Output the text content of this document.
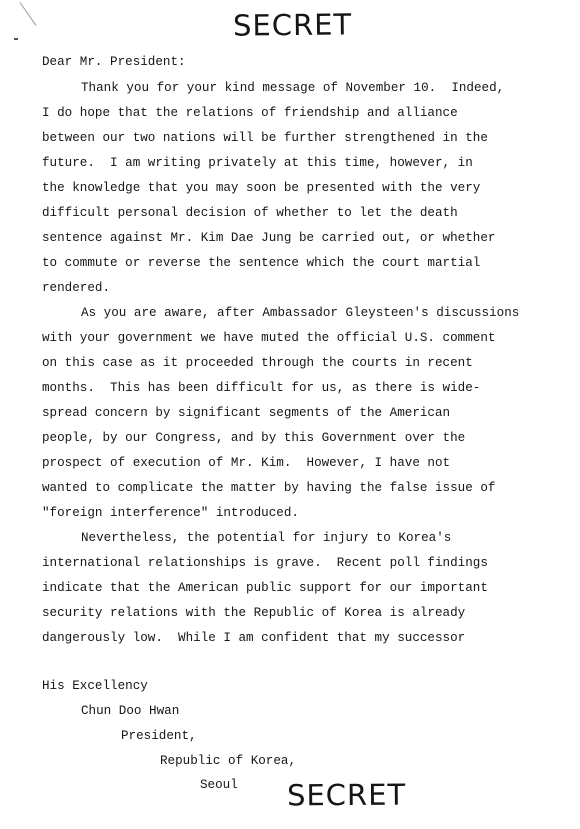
SECRET
Dear Mr. President:
Thank you for your kind message of November 10.  Indeed,
I do hope that the relations of friendship and alliance
between our two nations will be further strengthened in the
future.  I am writing privately at this time, however, in
the knowledge that you may soon be presented with the very
difficult personal decision of whether to let the death
sentence against Mr. Kim Dae Jung be carried out, or whether
to commute or reverse the sentence which the court martial
rendered.
As you are aware, after Ambassador Gleysteen's discussions
with your government we have muted the official U.S. comment
on this case as it proceeded through the courts in recent
months.  This has been difficult for us, as there is wide-
spread concern by significant segments of the American
people, by our Congress, and by this Government over the
prospect of execution of Mr. Kim.  However, I have not
wanted to complicate the matter by having the false issue of
"foreign interference" introduced.
Nevertheless, the potential for injury to Korea's
international relationships is grave.  Recent poll findings
indicate that the American public support for our important
security relations with the Republic of Korea is already
dangerously low.  While I am confident that my successor
His Excellency
Chun Doo Hwan
President,
Republic of Korea,
Seoul SECRET
